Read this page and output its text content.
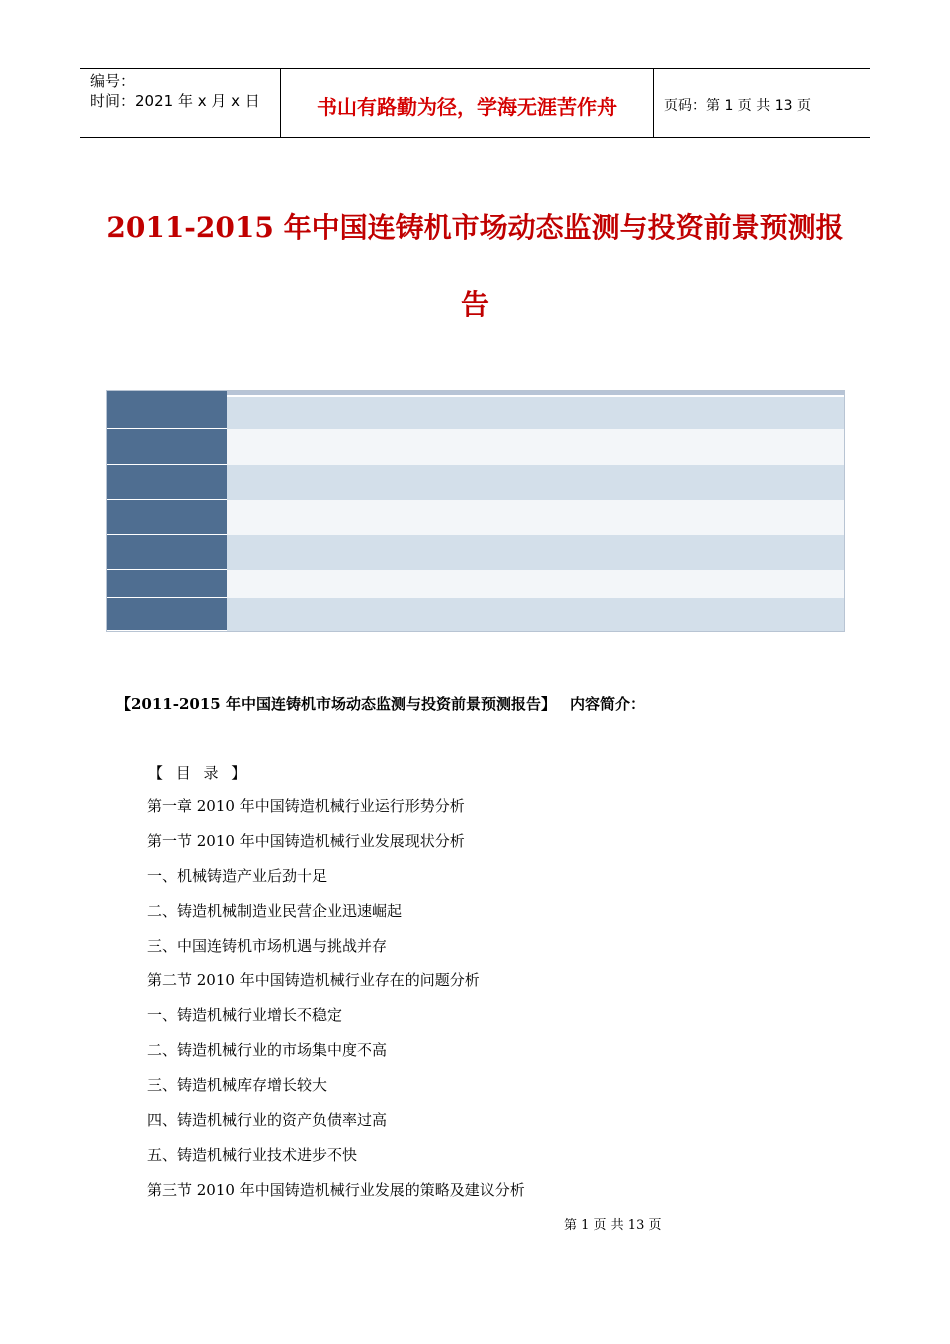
编号：
时间：2021 年 x 月 x 日	书山有路勤为径，学海无涯苦作舟	页码：第 1 页 共 13 页
2011-2015 年中国连铸机市场动态监测与投资前景预测报
告
【2011-2015 年中国连铸机市场动态监测与投资前景预测报告】 内容简介：
【 目 录 】
第一章 2010 年中国铸造机械行业运行形势分析
第一节 2010 年中国铸造机械行业发展现状分析
一、机械铸造产业后劲十足
二、铸造机械制造业民营企业迅速崛起
三、中国连铸机市场机遇与挑战并存
第二节 2010 年中国铸造机械行业存在的问题分析
一、铸造机械行业增长不稳定
二、铸造机械行业的市场集中度不高
三、铸造机械库存增长较大
四、铸造机械行业的资产负债率过高
五、铸造机械行业技术进步不快
第三节 2010 年中国铸造机械行业发展的策略及建议分析
第 1 页 共 13 页
